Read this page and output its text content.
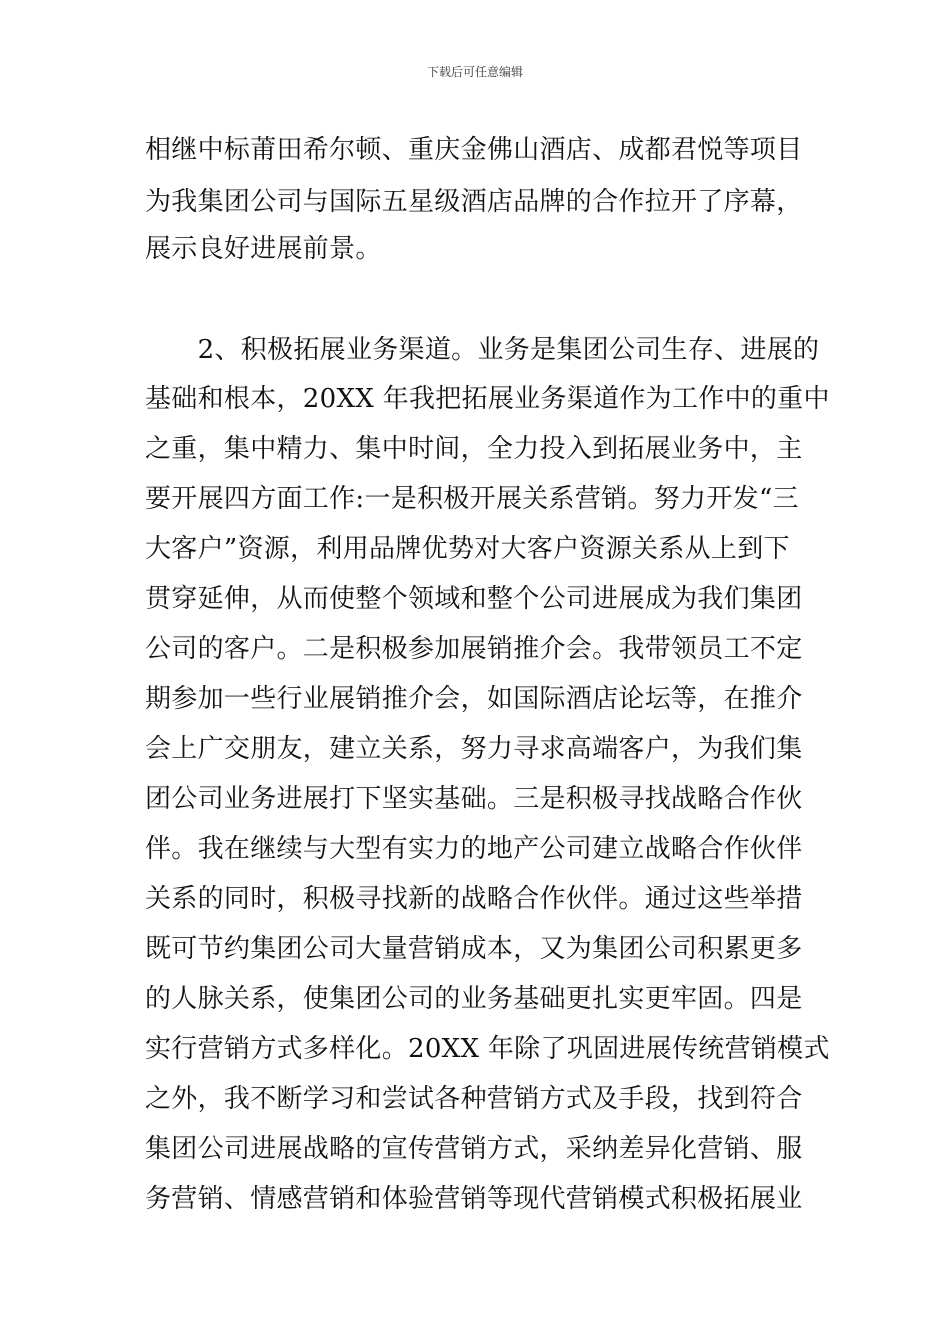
下载后可任意编辑
相继中标莆田希尔顿、重庆金佛山酒店、成都君悦等项目
为我集团公司与国际五星级酒店品牌的合作拉开了序幕，
展示良好进展前景。
　　2、积极拓展业务渠道。业务是集团公司生存、进展的
基础和根本，20XX 年我把拓展业务渠道作为工作中的重中
之重，集中精力、集中时间，全力投入到拓展业务中，主
要开展四方面工作:一是积极开展关系营销。努力开发“三
大客户”资源，利用品牌优势对大客户资源关系从上到下
贯穿延伸，从而使整个领域和整个公司进展成为我们集团
公司的客户。二是积极参加展销推介会。我带领员工不定
期参加一些行业展销推介会，如国际酒店论坛等，在推介
会上广交朋友，建立关系，努力寻求高端客户，为我们集
团公司业务进展打下坚实基础。三是积极寻找战略合作伙
伴。我在继续与大型有实力的地产公司建立战略合作伙伴
关系的同时，积极寻找新的战略合作伙伴。通过这些举措
既可节约集团公司大量营销成本，又为集团公司积累更多
的人脉关系，使集团公司的业务基础更扎实更牢固。四是
实行营销方式多样化。20XX 年除了巩固进展传统营销模式
之外，我不断学习和尝试各种营销方式及手段，找到符合
集团公司进展战略的宣传营销方式，采纳差异化营销、服
务营销、情感营销和体验营销等现代营销模式积极拓展业
